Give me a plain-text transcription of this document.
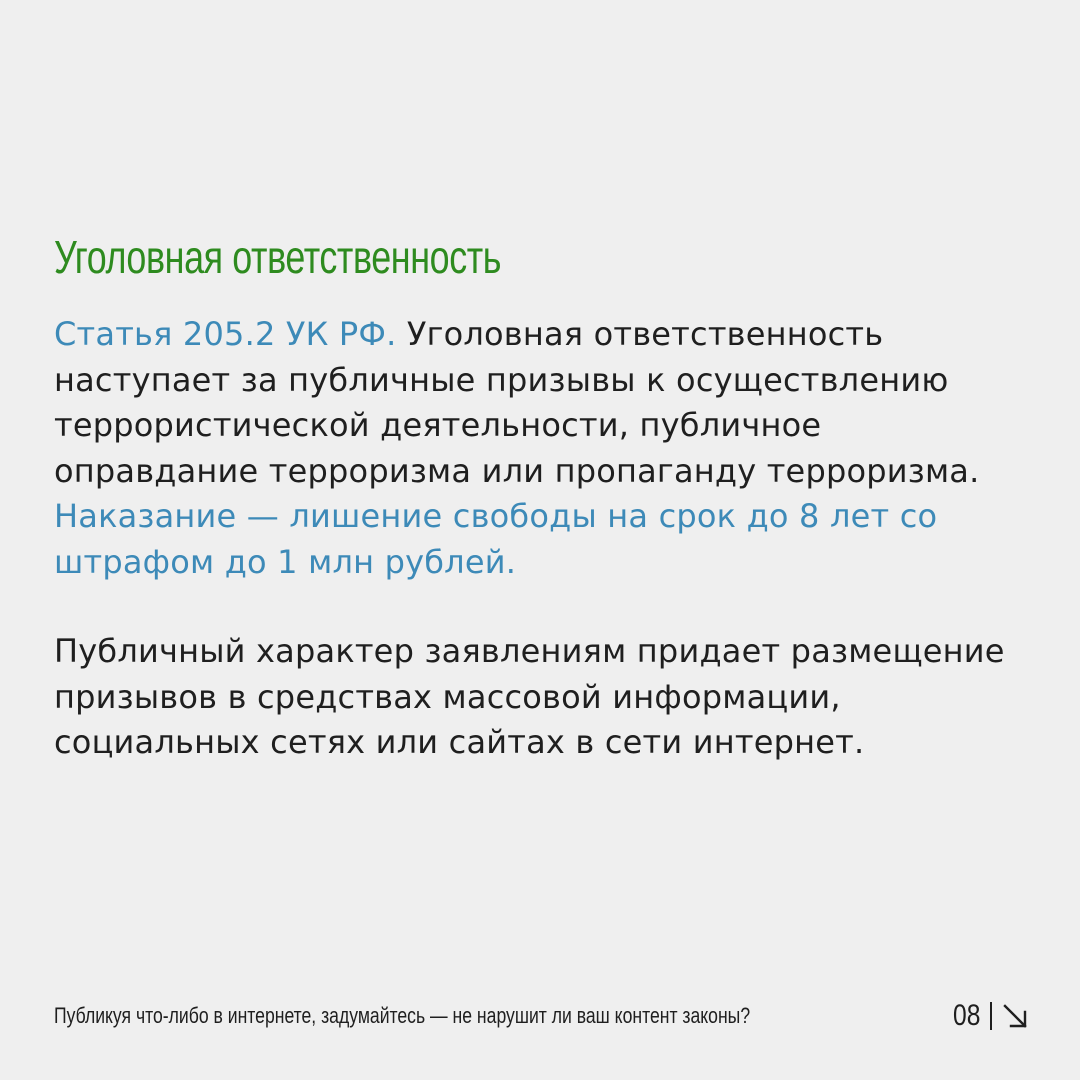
Уголовная ответственность

Статья 205.2 УК РФ. Уголовная ответственность наступает за публичные призывы к осуществлению террористической деятельности, публичное оправдание терроризма или пропаганду терроризма. Наказание — лишение свободы на срок до 8 лет со штрафом до 1 млн рублей.

Публичный характер заявлениям придает размещение призывов в средствах массовой информации, социальных сетях или сайтах в сети интернет.

Публикуя что-либо в интернете, задумайтесь — не нарушит ли ваш контент законы?	08
